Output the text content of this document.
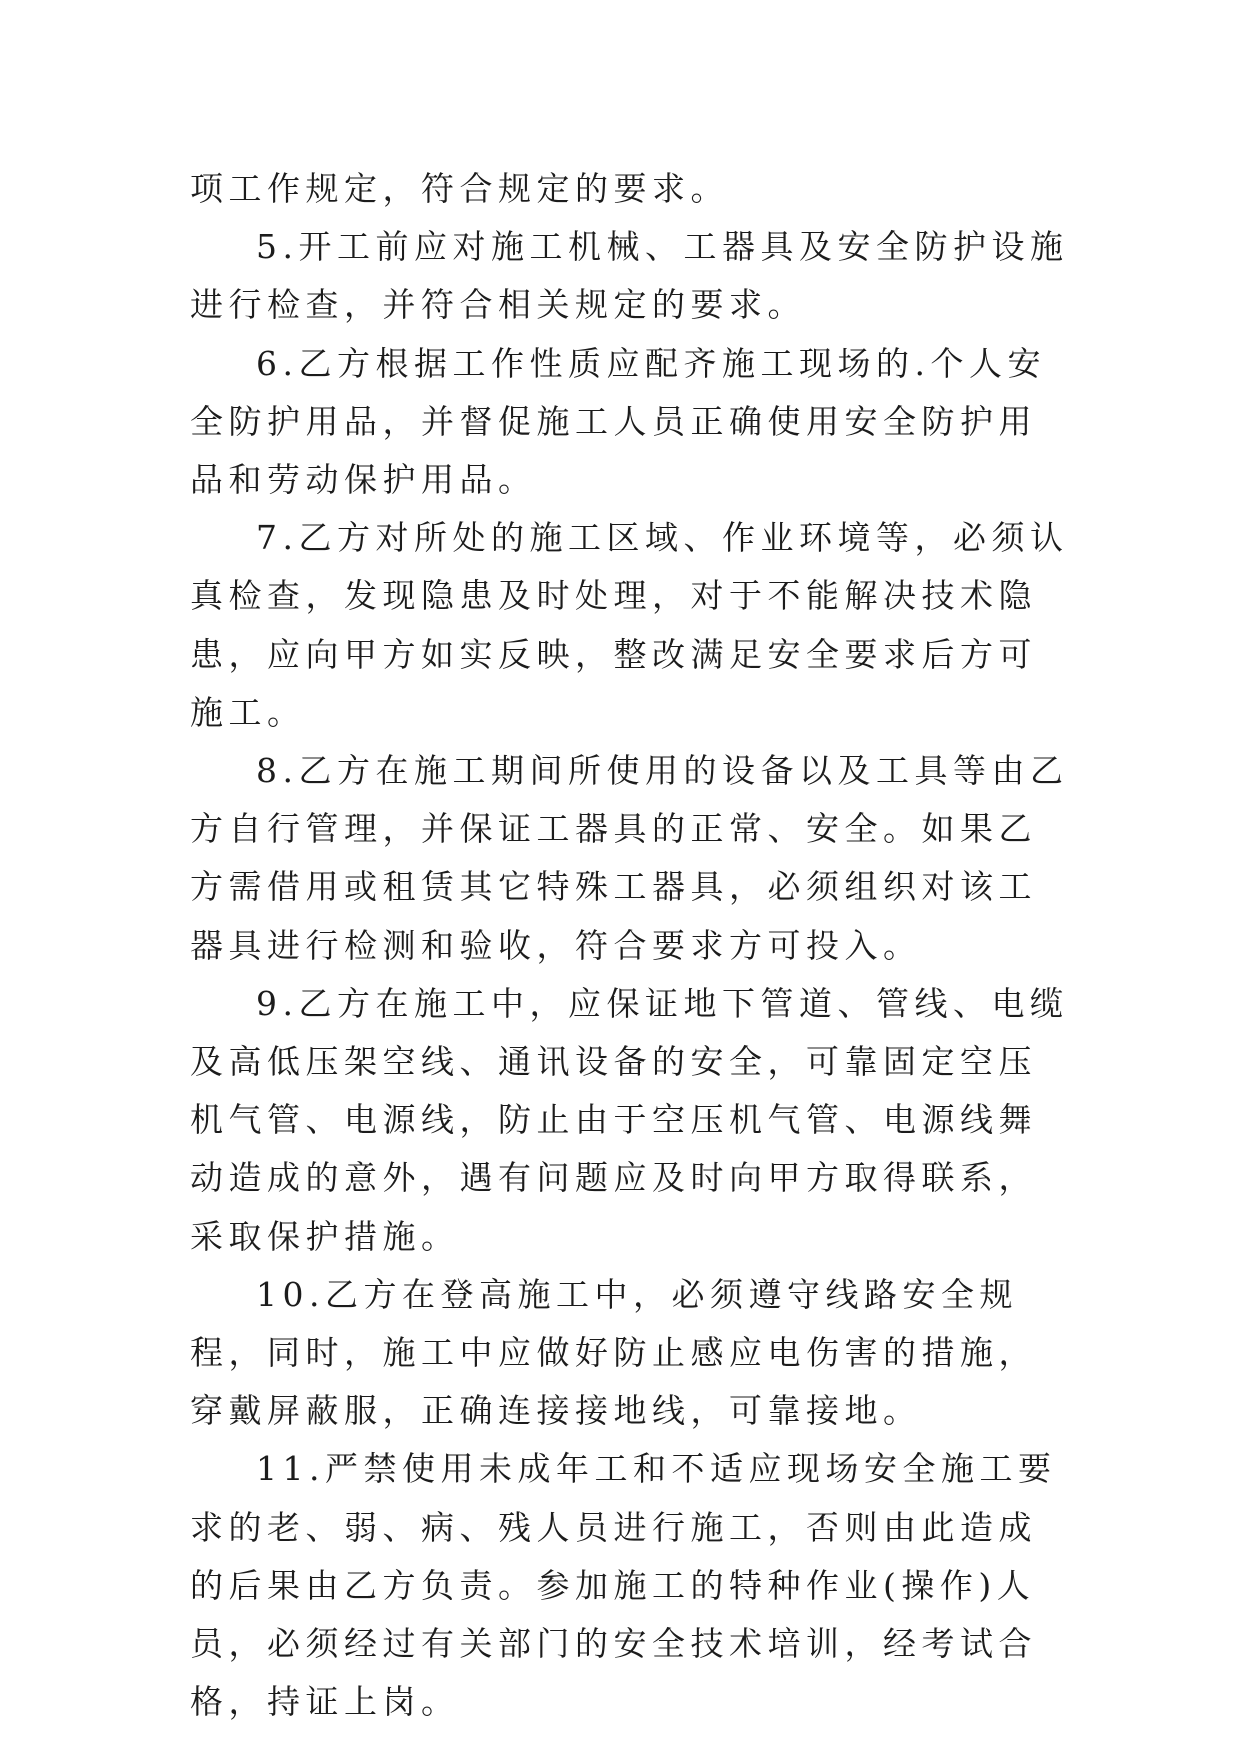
项工作规定，符合规定的要求。

5.开工前应对施工机械、工器具及安全防护设施进行检查，并符合相关规定的要求。

6.乙方根据工作性质应配齐施工现场的.个人安全防护用品，并督促施工人员正确使用安全防护用品和劳动保护用品。

7.乙方对所处的施工区域、作业环境等，必须认真检查，发现隐患及时处理，对于不能解决技术隐患，应向甲方如实反映，整改满足安全要求后方可施工。

8.乙方在施工期间所使用的设备以及工具等由乙方自行管理，并保证工器具的正常、安全。如果乙方需借用或租赁其它特殊工器具，必须组织对该工器具进行检测和验收，符合要求方可投入。

9.乙方在施工中，应保证地下管道、管线、电缆及高低压架空线、通讯设备的安全，可靠固定空压机气管、电源线，防止由于空压机气管、电源线舞动造成的意外，遇有问题应及时向甲方取得联系，采取保护措施。

10.乙方在登高施工中，必须遵守线路安全规程，同时，施工中应做好防止感应电伤害的措施，穿戴屏蔽服，正确连接接地线，可靠接地。

11.严禁使用未成年工和不适应现场安全施工要求的老、弱、病、残人员进行施工，否则由此造成的后果由乙方负责。参加施工的特种作业(操作)人员，必须经过有关部门的安全技术培训，经考试合格，持证上岗。
